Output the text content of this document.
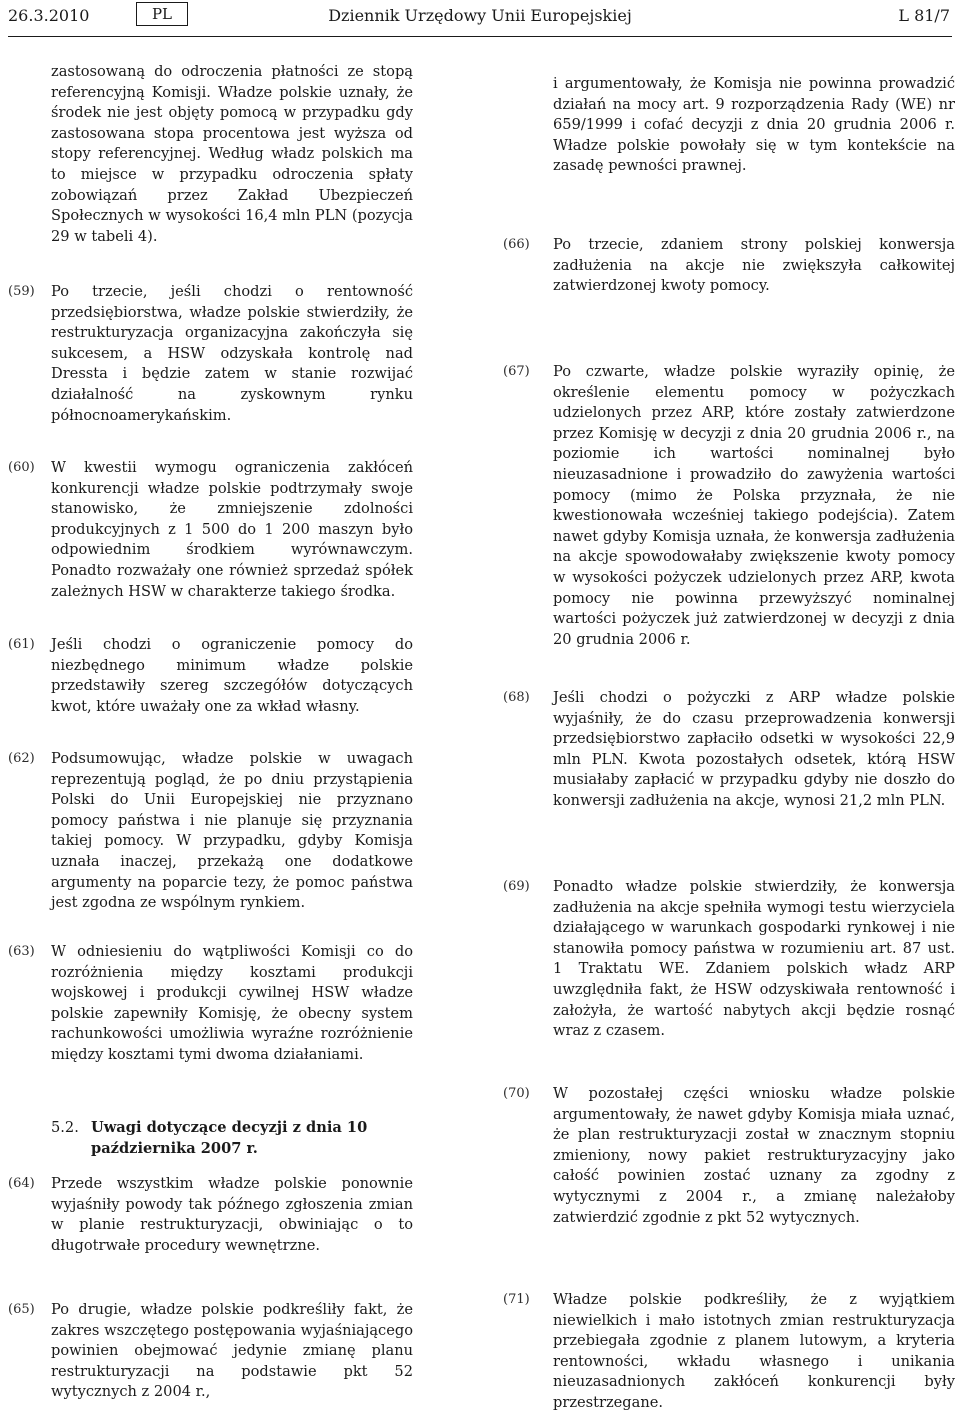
26.3.2010	PL	Dziennik Urzędowy Unii Europejskiej	L 81/7
zastosowaną do odroczenia płatności ze stopą referencyjną Komisji. Władze polskie uznały, że środek nie jest objęty pomocą w przypadku gdy zastosowana stopa procentowa jest wyższa od stopy referencyjnej. Według władz polskich ma to miejsce w przypadku odroczenia spłaty zobowiązań przez Zakład Ubezpieczeń Społecznych w wysokości 16,4 mln PLN (pozycja 29 w tabeli 4).
(59)	Po trzecie, jeśli chodzi o rentowność przedsiębiorstwa, władze polskie stwierdziły, że restrukturyzacja organizacyjna zakończyła się sukcesem, a HSW odzyskała kontrolę nad Dressta i będzie zatem w stanie rozwijać działalność na zyskownym rynku północnoamerykańskim.
(60)	W kwestii wymogu ograniczenia zakłóceń konkurencji władze polskie podtrzymały swoje stanowisko, że zmniejszenie zdolności produkcyjnych z 1 500 do 1 200 maszyn było odpowiednim środkiem wyrównawczym. Ponadto rozważały one również sprzedaż spółek zależnych HSW w charakterze takiego środka.
(61)	Jeśli chodzi o ograniczenie pomocy do niezbędnego minimum władze polskie przedstawiły szereg szczegółów dotyczących kwot, które uważały one za wkład własny.
(62)	Podsumowując, władze polskie w uwagach reprezentują pogląd, że po dniu przystąpienia Polski do Unii Europejskiej nie przyznano pomocy państwa i nie planuje się przyznania takiej pomocy. W przypadku, gdyby Komisja uznała inaczej, przekażą one dodatkowe argumenty na poparcie tezy, że pomoc państwa jest zgodna ze wspólnym rynkiem.
(63)	W odniesieniu do wątpliwości Komisji co do rozróżnienia między kosztami produkcji wojskowej i produkcji cywilnej HSW władze polskie zapewniły Komisję, że obecny system rachunkowości umożliwia wyraźne rozróżnienie między kosztami tymi dwoma działaniami.
5.2. Uwagi dotyczące decyzji z dnia 10 października 2007 r.
(64)	Przede wszystkim władze polskie ponownie wyjaśniły powody tak późnego zgłoszenia zmian w planie restrukturyzacji, obwiniając o to długotrwałe procedury wewnętrzne.
(65)	Po drugie, władze polskie podkreśliły fakt, że zakres wszczętego postępowania wyjaśniającego powinien obejmować jedynie zmianę planu restrukturyzacji na podstawie pkt 52 wytycznych z 2004 r.,
i argumentowały, że Komisja nie powinna prowadzić działań na mocy art. 9 rozporządzenia Rady (WE) nr 659/1999 i cofać decyzji z dnia 20 grudnia 2006 r. Władze polskie powołały się w tym kontekście na zasadę pewności prawnej.
(66)	Po trzecie, zdaniem strony polskiej konwersja zadłużenia na akcje nie zwiększyła całkowitej zatwierdzonej kwoty pomocy.
(67)	Po czwarte, władze polskie wyraziły opinię, że określenie elementu pomocy w pożyczkach udzielonych przez ARP, które zostały zatwierdzone przez Komisję w decyzji z dnia 20 grudnia 2006 r., na poziomie ich wartości nominalnej było nieuzasadnione i prowadziło do zawyżenia wartości pomocy (mimo że Polska przyznała, że nie kwestionowała wcześniej takiego podejścia). Zatem nawet gdyby Komisja uznała, że konwersja zadłużenia na akcje spowodowałaby zwiększenie kwoty pomocy w wysokości pożyczek udzielonych przez ARP, kwota pomocy nie powinna przewyższyć nominalnej wartości pożyczek już zatwierdzonej w decyzji z dnia 20 grudnia 2006 r.
(68)	Jeśli chodzi o pożyczki z ARP władze polskie wyjaśniły, że do czasu przeprowadzenia konwersji przedsiębiorstwo zapłaciło odsetki w wysokości 22,9 mln PLN. Kwota pozostałych odsetek, którą HSW musiałaby zapłacić w przypadku gdyby nie doszło do konwersji zadłużenia na akcje, wynosi 21,2 mln PLN.
(69)	Ponadto władze polskie stwierdziły, że konwersja zadłużenia na akcje spełniła wymogi testu wierzyciela działającego w warunkach gospodarki rynkowej i nie stanowiła pomocy państwa w rozumieniu art. 87 ust. 1 Traktatu WE. Zdaniem polskich władz ARP uwzględniła fakt, że HSW odzyskiwała rentowność i założyła, że wartość nabytych akcji będzie rosnąć wraz z czasem.
(70)	W pozostałej części wniosku władze polskie argumentowały, że nawet gdyby Komisja miała uznać, że plan restrukturyzacji został w znacznym stopniu zmieniony, nowy pakiet restrukturyzacyjny jako całość powinien zostać uznany za zgodny z wytycznymi z 2004 r., a zmianę należałoby zatwierdzić zgodnie z pkt 52 wytycznych.
(71)	Władze polskie podkreśliły, że z wyjątkiem niewielkich i mało istotnych zmian restrukturyzacja przebiegała zgodnie z planem lutowym, a kryteria rentowności, wkładu własnego i unikania nieuzasadnionych zakłóceń konkurencji były przestrzegane.
